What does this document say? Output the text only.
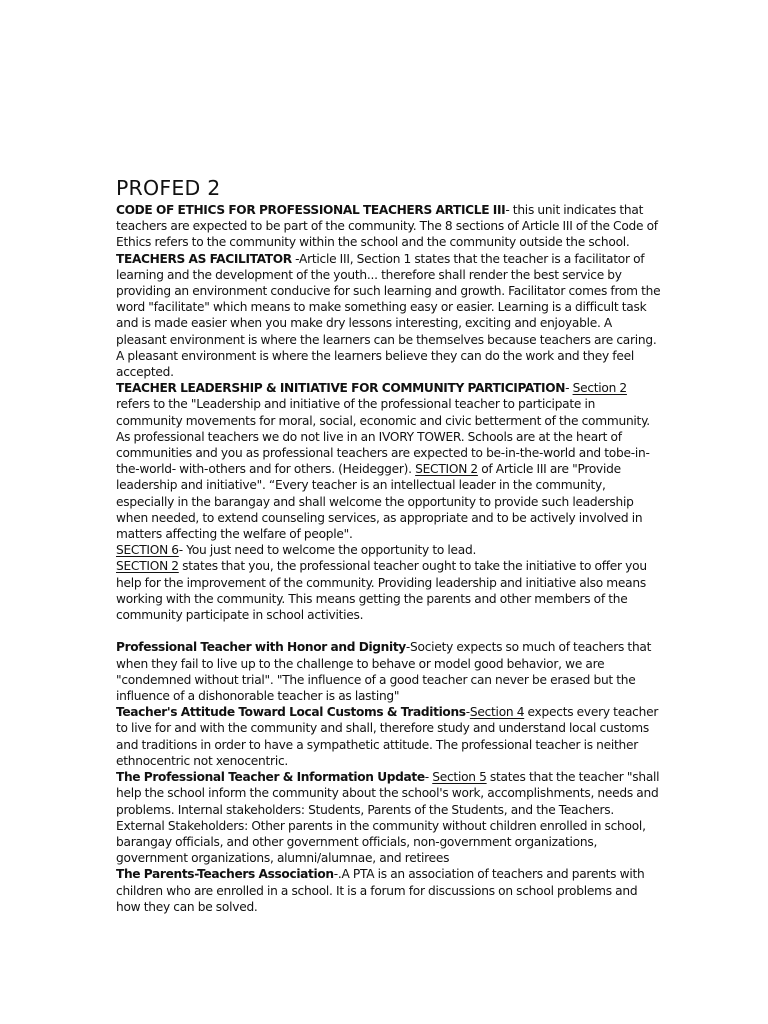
PROFED 2

CODE OF ETHICS FOR PROFESSIONAL TEACHERS ARTICLE III- this unit indicates that teachers are expected to be part of the community. The 8 sections of Article III of the Code of Ethics refers to the community within the school and the community outside the school.

TEACHERS AS FACILITATOR -Article III, Section 1 states that the teacher is a facilitator of learning and the development of the youth... therefore shall render the best service by providing an environment conducive for such learning and growth. Facilitator comes from the word "facilitate" which means to make something easy or easier. Learning is a difficult task and is made easier when you make dry lessons interesting, exciting and enjoyable. A pleasant environment is where the learners can be themselves because teachers are caring. A pleasant environment is where the learners believe they can do the work and they feel accepted.

TEACHER LEADERSHIP & INITIATIVE FOR COMMUNITY PARTICIPATION- Section 2 refers to the "Leadership and initiative of the professional teacher to participate in community movements for moral, social, economic and civic betterment of the community. As professional teachers we do not live in an IVORY TOWER. Schools are at the heart of communities and you as professional teachers are expected to be-in-the-world and tobe-in-the-world- with-others and for others. (Heidegger). SECTION 2 of Article III are "Provide leadership and initiative". “Every teacher is an intellectual leader in the community, especially in the barangay and shall welcome the opportunity to provide such leadership when needed, to extend counseling services, as appropriate and to be actively involved in matters affecting the welfare of people".

SECTION 6- You just need to welcome the opportunity to lead.

SECTION 2 states that you, the professional teacher ought to take the initiative to offer you help for the improvement of the community. Providing leadership and initiative also means working with the community. This means getting the parents and other members of the community participate in school activities.

Professional Teacher with Honor and Dignity-Society expects so much of teachers that when they fail to live up to the challenge to behave or model good behavior, we are "condemned without trial". "The influence of a good teacher can never be erased but the influence of a dishonorable teacher is as lasting"

Teacher's Attitude Toward Local Customs & Traditions-Section 4 expects every teacher to live for and with the community and shall, therefore study and understand local customs and traditions in order to have a sympathetic attitude. The professional teacher is neither ethnocentric not xenocentric.

The Professional Teacher & Information Update- Section 5 states that the teacher "shall help the school inform the community about the school's work, accomplishments, needs and problems. Internal stakeholders: Students, Parents of the Students, and the Teachers. External Stakeholders: Other parents in the community without children enrolled in school, barangay officials, and other government officials, non-government organizations, government organizations, alumni/alumnae, and retirees

The Parents-Teachers Association-.A PTA is an association of teachers and parents with children who are enrolled in a school. It is a forum for discussions on school problems and how they can be solved.
